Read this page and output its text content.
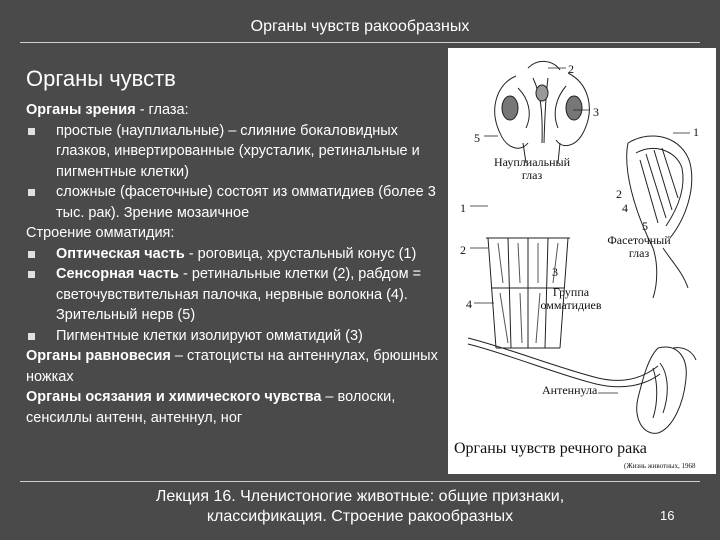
Органы чувств ракообразных
Органы чувств

Органы зрения - глаза:

простые (науплиальные) – слияние бокаловидных глазков, инвертированные (хрусталик, ретинальные и пигментные клетки)

сложные (фасеточные) состоят из омматидиев (более 3 тыс. рак). Зрение мозаичное

Строение омматидия:

Оптическая часть - роговица, хрустальный конус (1)

Сенсорная часть - ретинальные клетки (2), рабдом = светочувствительная палочка, нервные волокна (4). Зрительный нерв (5)

Пигментные клетки изолируют омматидий (3)

Органы равновесия – статоцисты на антеннулах, брюшных ножках

Органы осязания и химического чувства – волоски, сенсиллы антенн, антеннул, ног

2
3
5	1
Науплиальный глаз
1
2
4
5
Фасеточный глаз
2
3
4
Группа омматидиев
Антеннула
Органы чувств речного рака
(Жизнь животных, 1968
Лекция 16. Членистоногие животные: общие признаки, классификация. Строение ракообразных	16
